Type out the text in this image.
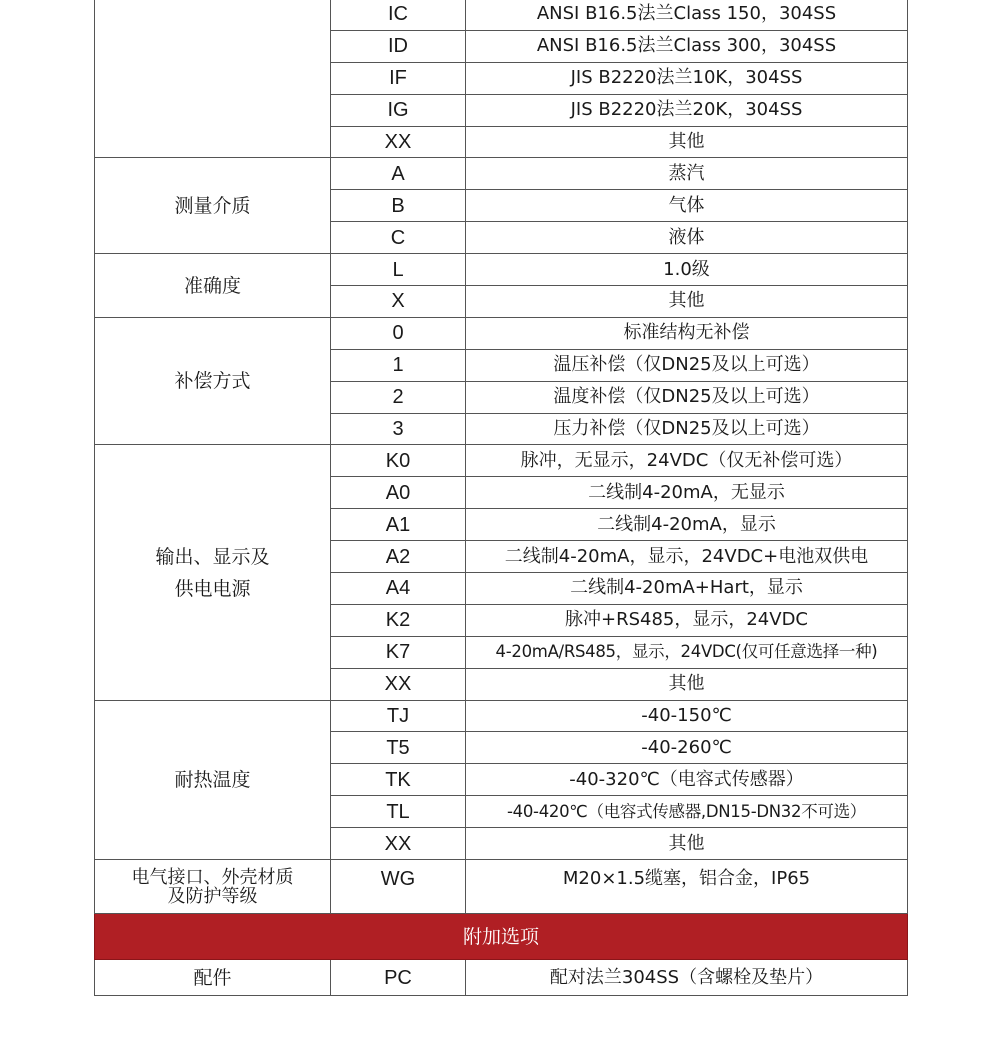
	IC	ANSI B16.5法兰Class 150，304SS
	ID	ANSI B16.5法兰Class 300，304SS
	IF	JIS B2220法兰10K，304SS
	IG	JIS B2220法兰20K，304SS
	XX	其他
测量介质	A	蒸汽
	B	气体
	C	液体
准确度	L	1.0级
	X	其他
补偿方式	0	标准结构无补偿
	1	温压补偿（仅DN25及以上可选）
	2	温度补偿（仅DN25及以上可选）
	3	压力补偿（仅DN25及以上可选）

输出、显示及
供电电源	K0	脉冲，无显示，24VDC（仅无补偿可选）
	A0	二线制4-20mA，无显示
	A1	二线制4-20mA，显示
	A2	二线制4-20mA，显示，24VDC+电池双供电
	A4	二线制4-20mA+Hart，显示
	K2	脉冲+RS485，显示，24VDC
	K7	4-20mA/RS485，显示，24VDC(仅可任意选择一种)
	XX	其他
耐热温度	TJ	-40-150℃
	T5	-40-260℃
	TK	-40-320℃（电容式传感器）
	TL	-40-420℃（电容式传感器,DN15-DN32不可选）
	XX	其他

电气接口、外壳材质
及防护等级	WG	M20×1.5缆塞，铝合金，IP65
附加选项		
配件	PC	配对法兰304SS（含螺栓及垫片）
